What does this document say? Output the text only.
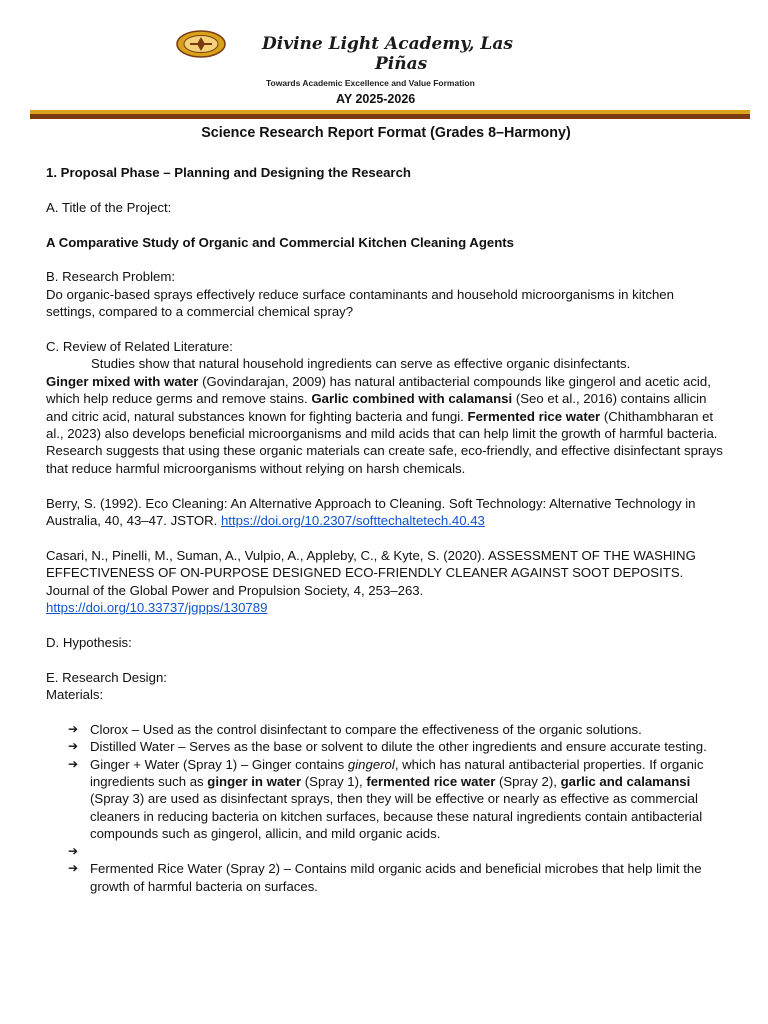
Divine Light Academy, Las
Piñas
Towards Academic Excellence and Value Formation
AY 2025-2026
Science Research Report Format (Grades 8–Harmony)

1. Proposal Phase – Planning and Designing the Research

A. Title of the Project:

A Comparative Study of Organic and Commercial Kitchen Cleaning Agents

B. Research Problem:

Do organic-based sprays effectively reduce surface contaminants and household microorganisms in kitchen settings, compared to a commercial chemical spray?

C. Review of Related Literature:

Studies show that natural household ingredients can serve as effective organic disinfectants.
Ginger mixed with water (Govindarajan, 2009) has natural antibacterial compounds like gingerol and acetic acid, which help reduce germs and remove stains. Garlic combined with calamansi (Seo et al., 2016) contains allicin and citric acid, natural substances known for fighting bacteria and fungi. Fermented rice water (Chithambharan et al., 2023) also develops beneficial microorganisms and mild acids that can help limit the growth of harmful bacteria. Research suggests that using these organic materials can create safe, eco-friendly, and effective disinfectant sprays that reduce harmful microorganisms without relying on harsh chemicals.

Berry, S. (1992). Eco Cleaning: An Alternative Approach to Cleaning. Soft Technology: Alternative Technology in Australia, 40, 43–47. JSTOR. https://doi.org/10.2307/softtechaltetech.40.43

Casari, N., Pinelli, M., Suman, A., Vulpio, A., Appleby, C., & Kyte, S. (2020). ASSESSMENT OF THE WASHING EFFECTIVENESS OF ON-PURPOSE DESIGNED ECO-FRIENDLY CLEANER AGAINST SOOT DEPOSITS. Journal of the Global Power and Propulsion Society, 4, 253–263.
https://doi.org/10.33737/jgpps/130789

D. Hypothesis:

E. Research Design:

Materials:

➔ Clorox – Used as the control disinfectant to compare the effectiveness of the organic solutions.
➔ Distilled Water – Serves as the base or solvent to dilute the other ingredients and ensure accurate testing.
➔ Ginger + Water (Spray 1) – Ginger contains gingerol, which has natural antibacterial properties. If organic ingredients such as ginger in water (Spray 1), fermented rice water (Spray 2), garlic and calamansi (Spray 3) are used as disinfectant sprays, then they will be effective or nearly as effective as commercial cleaners in reducing bacteria on kitchen surfaces, because these natural ingredients contain antibacterial compounds such as gingerol, allicin, and mild organic acids.
➔
➔ Fermented Rice Water (Spray 2) – Contains mild organic acids and beneficial microbes that help limit the growth of harmful bacteria on surfaces.
